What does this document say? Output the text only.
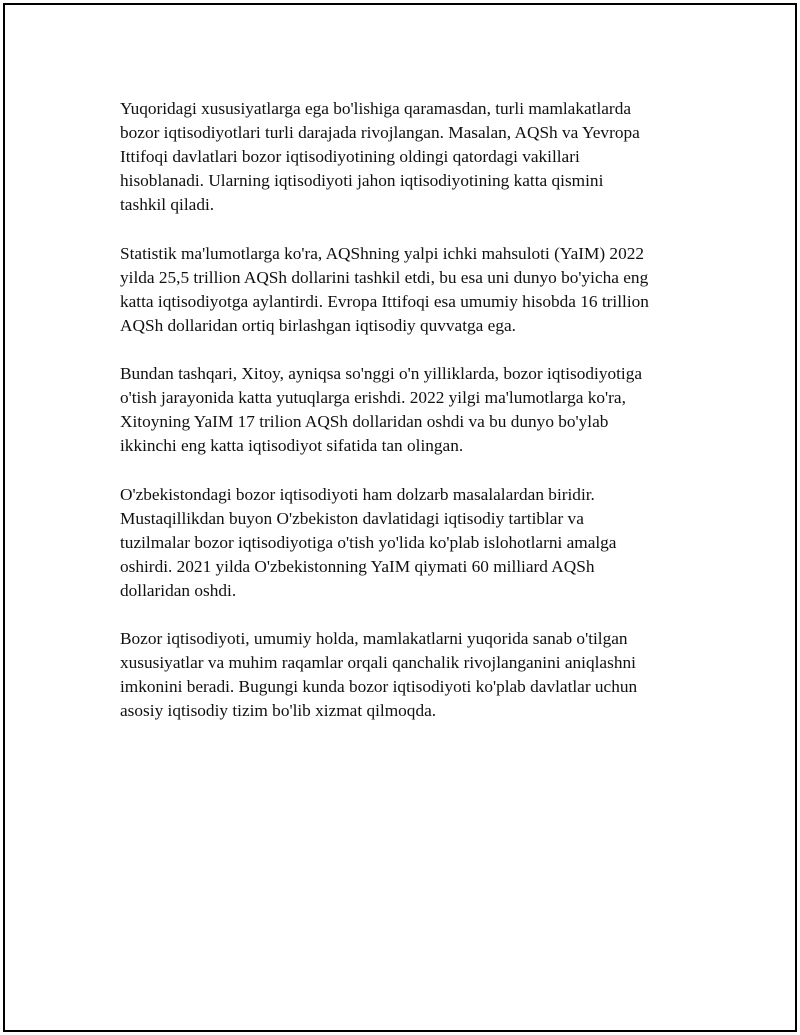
Yuqoridagi xususiyatlarga ega bo'lishiga qaramasdan, turli mamlakatlarda
bozor iqtisodiyotlari turli darajada rivojlangan. Masalan, AQSh va Yevropa
Ittifoqi davlatlari bozor iqtisodiyotining oldingi qatordagi vakillari
hisoblanadi. Ularning iqtisodiyoti jahon iqtisodiyotining katta qismini
tashkil qiladi.

Statistik ma'lumotlarga ko'ra, AQShning yalpi ichki mahsuloti (YaIM) 2022
yilda 25,5 trillion AQSh dollarini tashkil etdi, bu esa uni dunyo bo'yicha eng
katta iqtisodiyotga aylantirdi. Evropa Ittifoqi esa umumiy hisobda 16 trillion
AQSh dollaridan ortiq birlashgan iqtisodiy quvvatga ega.

Bundan tashqari, Xitoy, ayniqsa so'nggi o'n yilliklarda, bozor iqtisodiyotiga
o'tish jarayonida katta yutuqlarga erishdi. 2022 yilgi ma'lumotlarga ko'ra,
Xitoyning YaIM 17 trilion AQSh dollaridan oshdi va bu dunyo bo'ylab
ikkinchi eng katta iqtisodiyot sifatida tan olingan.

O'zbekistondagi bozor iqtisodiyoti ham dolzarb masalalardan biridir.
Mustaqillikdan buyon O'zbekiston davlatidagi iqtisodiy tartiblar va
tuzilmalar bozor iqtisodiyotiga o'tish yo'lida ko'plab islohotlarni amalga
oshirdi. 2021 yilda O'zbekistonning YaIM qiymati 60 milliard AQSh
dollaridan oshdi.

Bozor iqtisodiyoti, umumiy holda, mamlakatlarni yuqorida sanab o'tilgan
xususiyatlar va muhim raqamlar orqali qanchalik rivojlanganini aniqlashni
imkonini beradi. Bugungi kunda bozor iqtisodiyoti ko'plab davlatlar uchun
asosiy iqtisodiy tizim bo'lib xizmat qilmoqda.
